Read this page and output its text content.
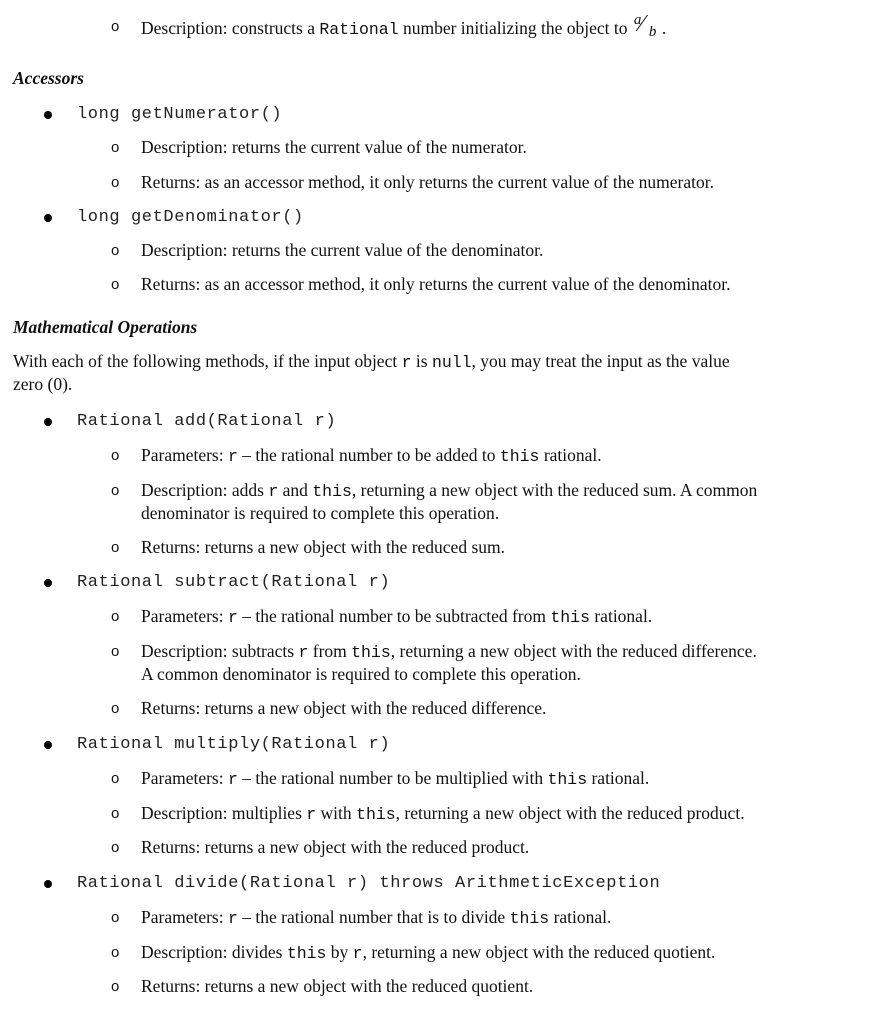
o Description: constructs a Rational number initializing the object to a
⁄ b .
Accessors
long getNumerator()
o Description: returns the current value of the numerator.
o Returns: as an accessor method, it only returns the current value of the numerator.
long getDenominator()
o Description: returns the current value of the denominator.
o Returns: as an accessor method, it only returns the current value of the denominator.
Mathematical Operations
With each of the following methods, if the input object r is null, you may treat the input as the value
zero (0).
Rational add(Rational r)
o Parameters: r – the rational number to be added to this rational.
o Description: adds r and this, returning a new object with the reduced sum. A common
denominator is required to complete this operation.
o Returns: returns a new object with the reduced sum.
Rational subtract(Rational r)
o Parameters: r – the rational number to be subtracted from this rational.
o Description: subtracts r from this, returning a new object with the reduced difference.
A common denominator is required to complete this operation.
o Returns: returns a new object with the reduced difference.
Rational multiply(Rational r)
o Parameters: r – the rational number to be multiplied with this rational.
o Description: multiplies r with this, returning a new object with the reduced product.
o Returns: returns a new object with the reduced product.
Rational divide(Rational r) throws ArithmeticException
o Parameters: r – the rational number that is to divide this rational.
o Description: divides this by r, returning a new object with the reduced quotient.
o Returns: returns a new object with the reduced quotient.
